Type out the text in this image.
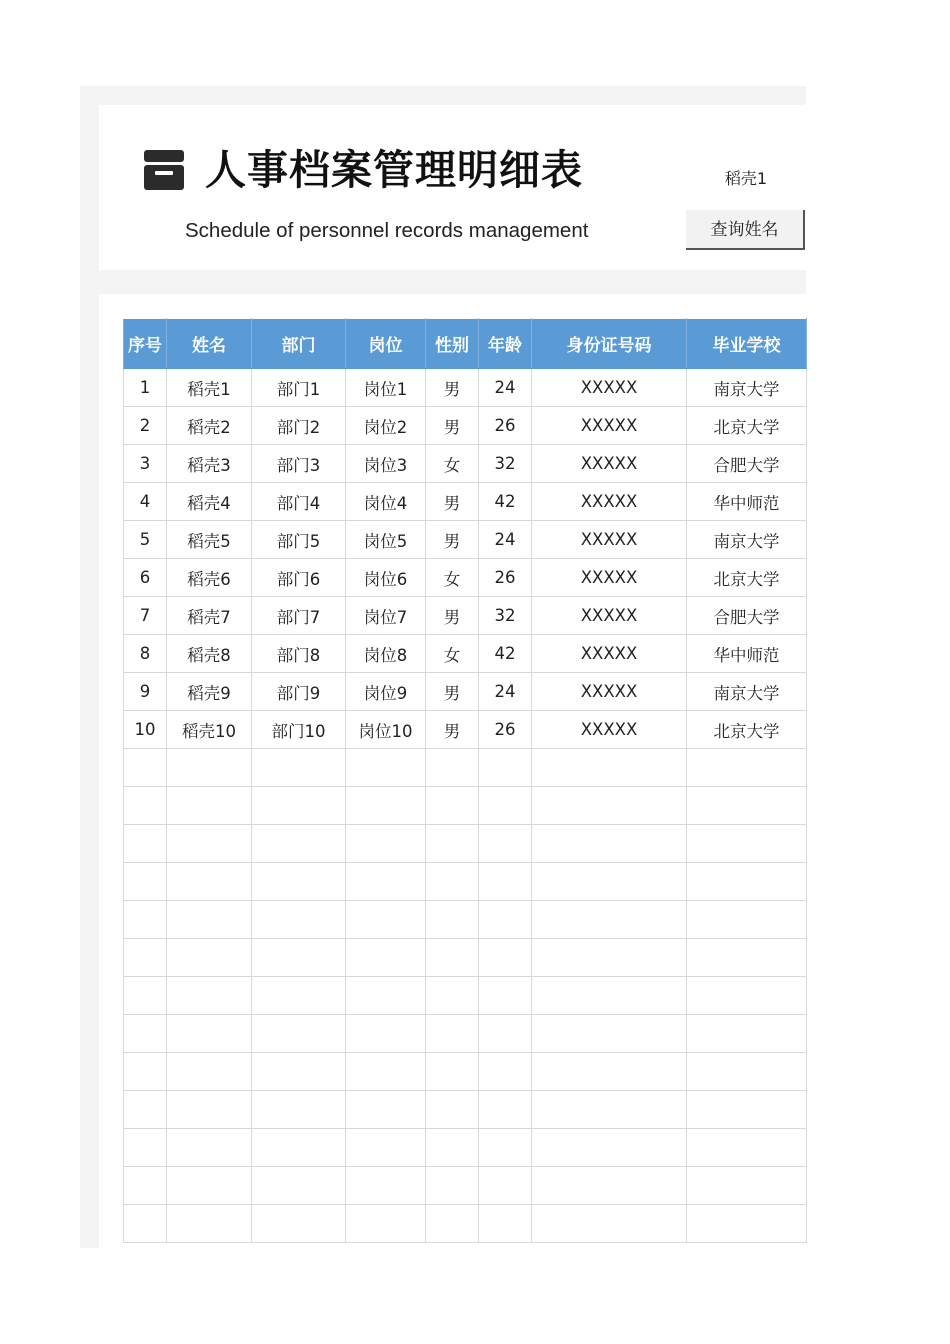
人事档案管理明细表
Schedule of personnel records management
稻壳1
查询姓名
序号	姓名	部门	岗位	性别	年龄	身份证号码	毕业学校
1	稻壳1	部门1	岗位1	男	24	XXXXX	南京大学
2	稻壳2	部门2	岗位2	男	26	XXXXX	北京大学
3	稻壳3	部门3	岗位3	女	32	XXXXX	合肥大学
4	稻壳4	部门4	岗位4	男	42	XXXXX	华中师范
5	稻壳5	部门5	岗位5	男	24	XXXXX	南京大学
6	稻壳6	部门6	岗位6	女	26	XXXXX	北京大学
7	稻壳7	部门7	岗位7	男	32	XXXXX	合肥大学
8	稻壳8	部门8	岗位8	女	42	XXXXX	华中师范
9	稻壳9	部门9	岗位9	男	24	XXXXX	南京大学
10	稻壳10	部门10	岗位10	男	26	XXXXX	北京大学
